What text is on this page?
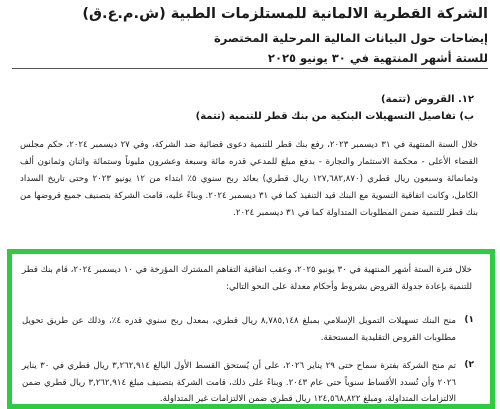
الشركة القطرية الالمانية للمستلزمات الطبية (ش.م.ع.ق)
إيضاحات حول البيانات المالية المرحلية المختصرة
للستة أشهر المنتهية في ٣٠ يونيو ٢٠٢٥
١٢. القروض (تتمة)
ب) تفاصيل التسهيلات البنكية من بنك قطر للتنمية (تتمة)
خلال السنة المنتهية في ٣١ ديسمبر ٢٠٢٣، رفع بنك قطر للتنمية دعوى قضائية ضد الشركة، وفي ٢٧ ديسمبر ٢٠٢٤، حكم مجلس القضاء الأعلى - محكمة الاستثمار والتجارة - بدفع مبلغ للمدعي قدره مائة وسبعة وعشرون مليوناً وستمائة واثنان وثمانون ألف وثمانمائة وسبعون ريال قطري (١٢٧,٦٨٢,٨٧٠ ريال قطري) بعائد ربح سنوي ٥٪ ابتداء من ١٢ يونيو ٢٠٢٣ وحتى تاريخ السداد الكامل، وكانت اتفاقية التسوية مع البنك قيد التنفيذ كما في ٣١ ديسمبر ٢٠٢٤. وبناءً عليه، قامت الشركة بتصنيف جميع قروضها من بنك قطر للتنمية ضمن المطلوبات المتداولة كما في ٣١ ديسمبر ٢٠٢٤.
خلال فترة الستة أشهر المنتهية في ٣٠ يونيو ٢٠٢٥، وعقب اتفاقية التفاهم المشترك المؤرخة في ١٠ ديسمبر ٢٠٢٤، قام بنك قطر للتنمية بإعادة جدولة القروض بشروط وأحكام معدلة على النحو التالي:
١)
منح البنك تسهيلات التمويل الإسلامي بمبلغ ٨,٧٨٥,١٤٨ ريال قطري، بمعدل ربح سنوي قدره ٤٪، وذلك عن طريق تحويل مطلوبات القروض التقليدية المستحقة.
٢)
تم منح الشركة بفترة سماح حتى ٢٩ يناير ٢٠٢٦، على أن يُستحق القسط الأول البالغ ٣,٢٦٢,٩١٤ ريال قطري في ٣٠ يناير ٢٠٢٦ وأن تُسدد الأقساط سنوياً حتى عام ٢٠٤٣. وبناءً على ذلك، قامت الشركة بتصنيف مبلغ ٣,٢٦٢,٩١٤ ريال قطري ضمن الالتزامات المتداولة، ومبلغ ١٢٤,٥٦٨,٨٢٢ ريال قطري ضمن الالتزامات غير المتداولة.
